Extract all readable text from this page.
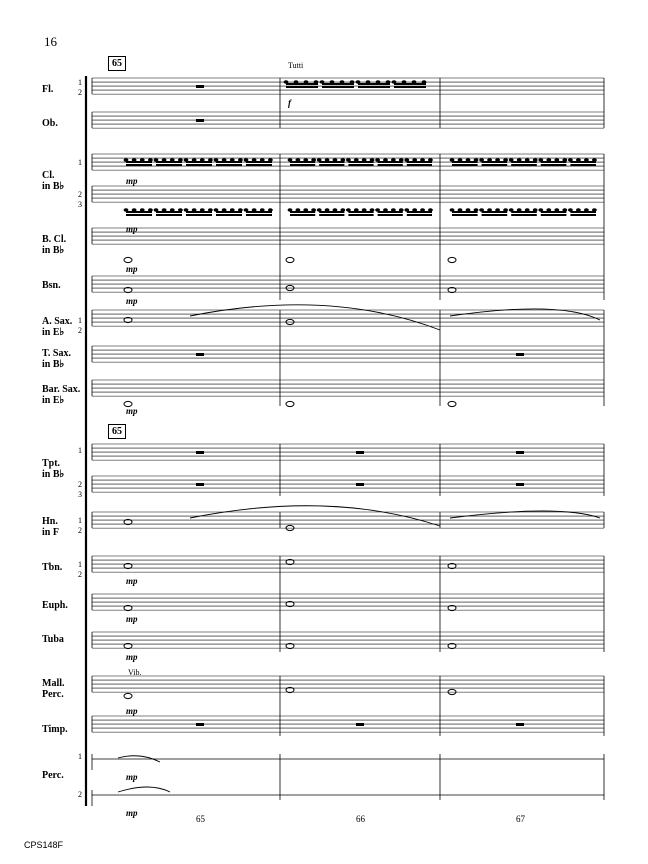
16
65
65
Fl.
Ob.
Cl.
in B♭
B. Cl.
in B♭
Bsn.
A. Sax.
in E♭
T. Sax.
in B♭
Bar. Sax.
in E♭
Tpt.
in B♭
Hn.
in F
Tbn.
Euph.
Tuba
Mall.
Perc.
Timp.
Perc.
1
2
1
2
3
1
2
1
2
3
1
2
1
2
1
2
Tutti
Vib.
f
mp
mp
mp
mp
mp
mp
mp
mp
mp
mp
mp
65	66	67
CPS148F
